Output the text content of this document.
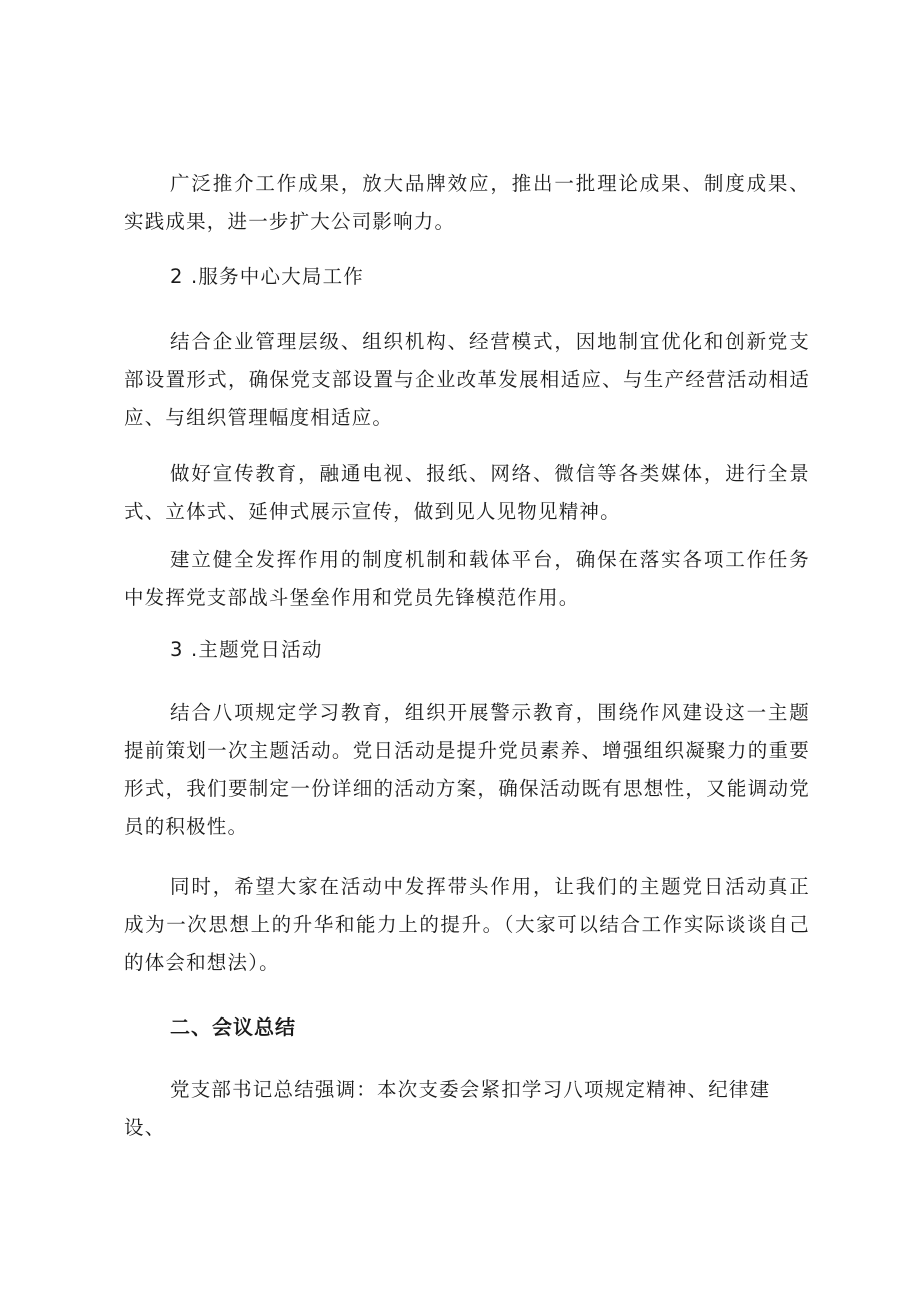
广泛推介工作成果，放大品牌效应，推出一批理论成果、制度成果、实践成果，进一步扩大公司影响力。

2 .服务中心大局工作

结合企业管理层级、组织机构、经营模式，因地制宜优化和创新党支部设置形式，确保党支部设置与企业改革发展相适应、与生产经营活动相适应、与组织管理幅度相适应。

做好宣传教育，融通电视、报纸、网络、微信等各类媒体，进行全景式、立体式、延伸式展示宣传，做到见人见物见精神。

建立健全发挥作用的制度机制和载体平台，确保在落实各项工作任务中发挥党支部战斗堡垒作用和党员先锋模范作用。

3 .主题党日活动

结合八项规定学习教育，组织开展警示教育，围绕作风建设这一主题提前策划一次主题活动。党日活动是提升党员素养、增强组织凝聚力的重要形式，我们要制定一份详细的活动方案，确保活动既有思想性，又能调动党员的积极性。

同时，希望大家在活动中发挥带头作用，让我们的主题党日活动真正成为一次思想上的升华和能力上的提升。（大家可以结合工作实际谈谈自己的体会和想法）。

二、会议总结

党支部书记总结强调：本次支委会紧扣学习八项规定精神、纪律建设、
